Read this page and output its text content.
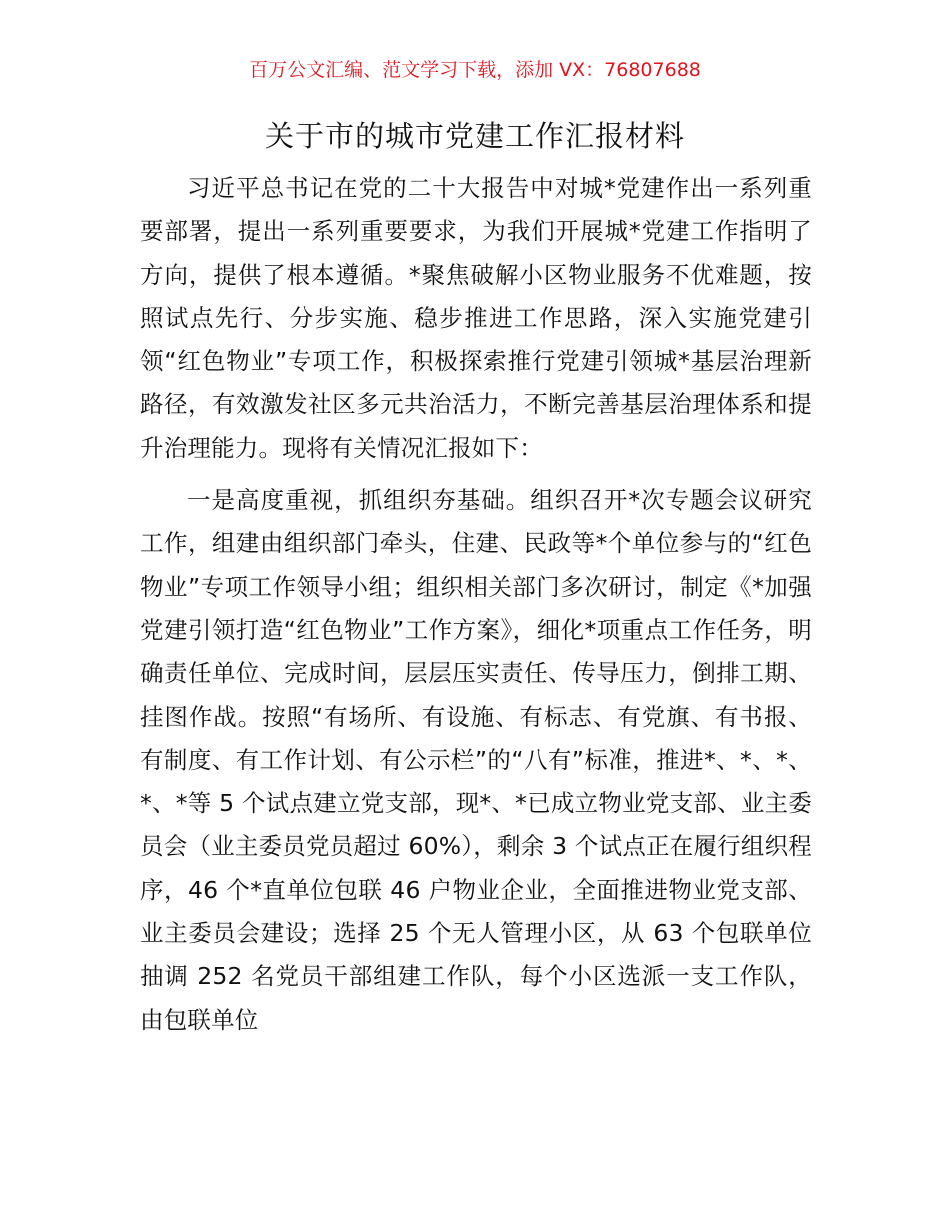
百万公文汇编、范文学习下载，添加 VX：76807688
关于市的城市党建工作汇报材料

习近平总书记在党的二十大报告中对城*党建作出一系列重要部署，提出一系列重要要求，为我们开展城*党建工作指明了方向，提供了根本遵循。*聚焦破解小区物业服务不优难题，按照试点先行、分步实施、稳步推进工作思路，深入实施党建引领“红色物业”专项工作，积极探索推行党建引领城*基层治理新路径，有效激发社区多元共治活力，不断完善基层治理体系和提升治理能力。现将有关情况汇报如下：

一是高度重视，抓组织夯基础。组织召开*次专题会议研究工作，组建由组织部门牵头，住建、民政等*个单位参与的“红色物业”专项工作领导小组；组织相关部门多次研讨，制定《*加强党建引领打造“红色物业”工作方案》，细化*项重点工作任务，明确责任单位、完成时间，层层压实责任、传导压力，倒排工期、挂图作战。按照“有场所、有设施、有标志、有党旗、有书报、有制度、有工作计划、有公示栏”的“八有”标准，推进*、*、*、*、*等 5 个试点建立党支部，现*、*已成立物业党支部、业主委员会（业主委员党员超过 60%），剩余 3 个试点正在履行组织程序，46 个*直单位包联 46 户物业企业，全面推进物业党支部、业主委员会建设；选择 25 个无人管理小区，从 63 个包联单位抽调 252 名党员干部组建工作队，每个小区选派一支工作队，由包联单位
